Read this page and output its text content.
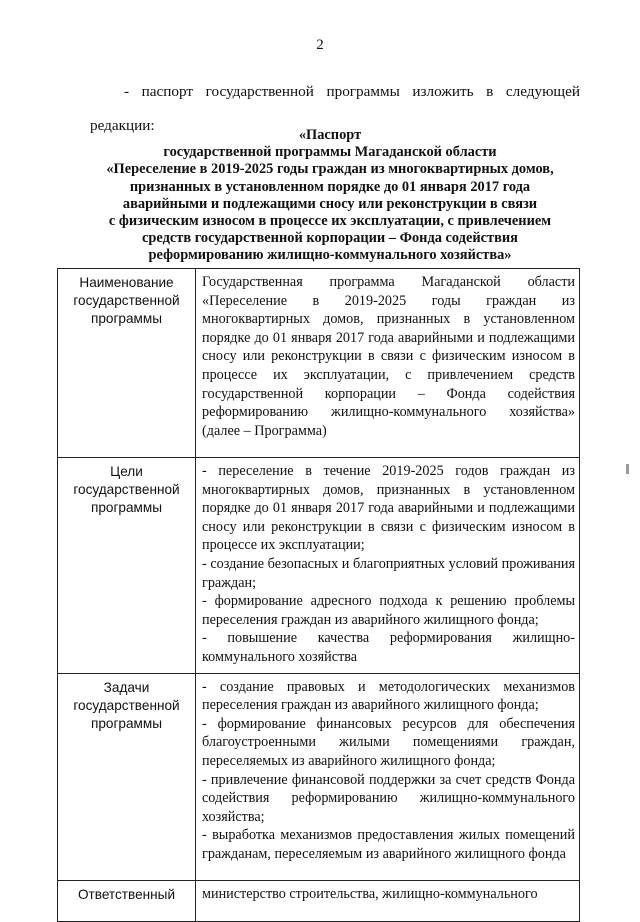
2

- паспорт государственной программы изложить в следующей редакции:

«Паспорт
государственной программы Магаданской области
«Переселение в 2019-2025 годы граждан из многоквартирных домов,
признанных в установленном порядке до 01 января 2017 года
аварийными и подлежащими сносу или реконструкции в связи
с физическим износом в процессе их эксплуатации, с привлечением
средств государственной корпорации – Фонда содействия
реформированию жилищно-коммунального хозяйства»
Наименование государственной программы	Государственная программа Магаданской области «Переселение в 2019-2025 годы граждан из многоквартирных домов, признанных в установленном порядке до 01 января 2017 года аварийными и подлежащими сносу или реконструкции в связи с физическим износом в процессе их эксплуатации, с привлечением средств государственной корпорации – Фонда содействия реформированию жилищно-коммунального хозяйства» (далее – Программа)

Цели государственной программы	- переселение в течение 2019-2025 годов граждан из многоквартирных домов, признанных в установленном порядке до 01 января 2017 года аварийными и подлежащими сносу или реконструкции в связи с физическим износом в процессе их эксплуатации;

- создание безопасных и благоприятных условий проживания граждан;

- формирование адресного подхода к решению проблемы переселения граждан из аварийного жилищного фонда;

- повышение качества реформирования жилищно-коммунального хозяйства

Задачи государственной программы	- создание правовых и методологических механизмов переселения граждан из аварийного жилищного фонда;

- формирование финансовых ресурсов для обеспечения благоустроенными жилыми помещениями граждан, переселяемых из аварийного жилищного фонда;

- привлечение финансовой поддержки за счет средств Фонда содействия реформированию жилищно-коммунального хозяйства;

- выработка механизмов предоставления жилых помещений гражданам, переселяемым из аварийного жилищного фонда

Ответственный	министерство строительства, жилищно-коммунального
